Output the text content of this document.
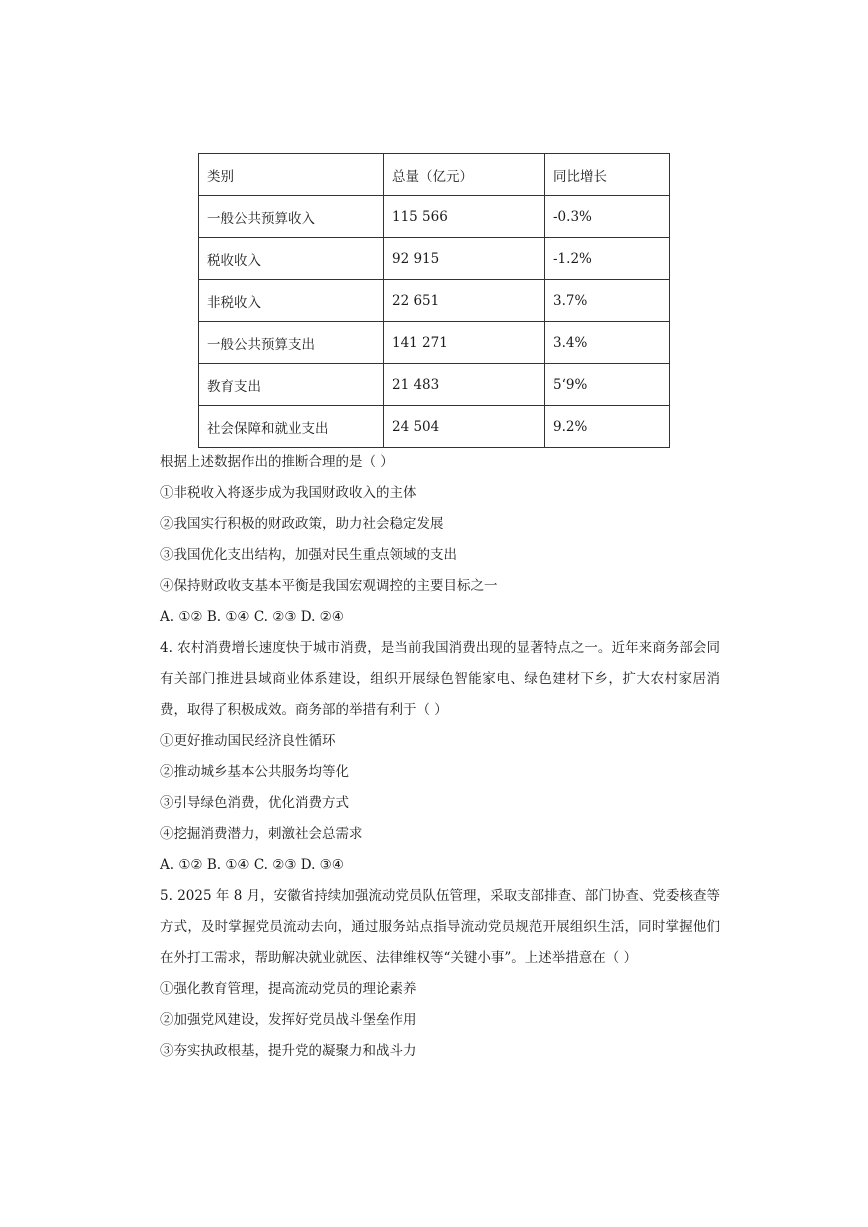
类别	总量（亿元）	同比增长
一般公共预算收入	115 566	-0.3%
税收收入	92 915	-1.2%
非税收入	22 651	3.7%
一般公共预算支出	141 271	3.4%
教育支出	21 483	5‘9%
社会保障和就业支出	24 504	9.2%
根据上述数据作出的推断合理的是（ ）
①非税收入将逐步成为我国财政收入的主体
②我国实行积极的财政政策，助力社会稳定发展
③我国优化支出结构，加强对民生重点领域的支出
④保持财政收支基本平衡是我国宏观调控的主要目标之一
A. ①② B. ①④ C. ②③ D. ②④
4. 农村消费增长速度快于城市消费，是当前我国消费出现的显著特点之一。近年来商务部会同有关部门推进县域商业体系建设，组织开展绿色智能家电、绿色建材下乡，扩大农村家居消费，取得了积极成效。商务部的举措有利于（ ）
①更好推动国民经济良性循环
②推动城乡基本公共服务均等化
③引导绿色消费，优化消费方式
④挖掘消费潜力，刺激社会总需求
A. ①② B. ①④ C. ②③ D. ③④
5. 2025 年 8 月，安徽省持续加强流动党员队伍管理，采取支部排查、部门协查、党委核查等方式，及时掌握党员流动去向，通过服务站点指导流动党员规范开展组织生活，同时掌握他们在外打工需求，帮助解决就业就医、法律维权等“关键小事”。上述举措意在（ ）
①强化教育管理，提高流动党员的理论素养
②加强党风建设，发挥好党员战斗堡垒作用
③夯实执政根基，提升党的凝聚力和战斗力
